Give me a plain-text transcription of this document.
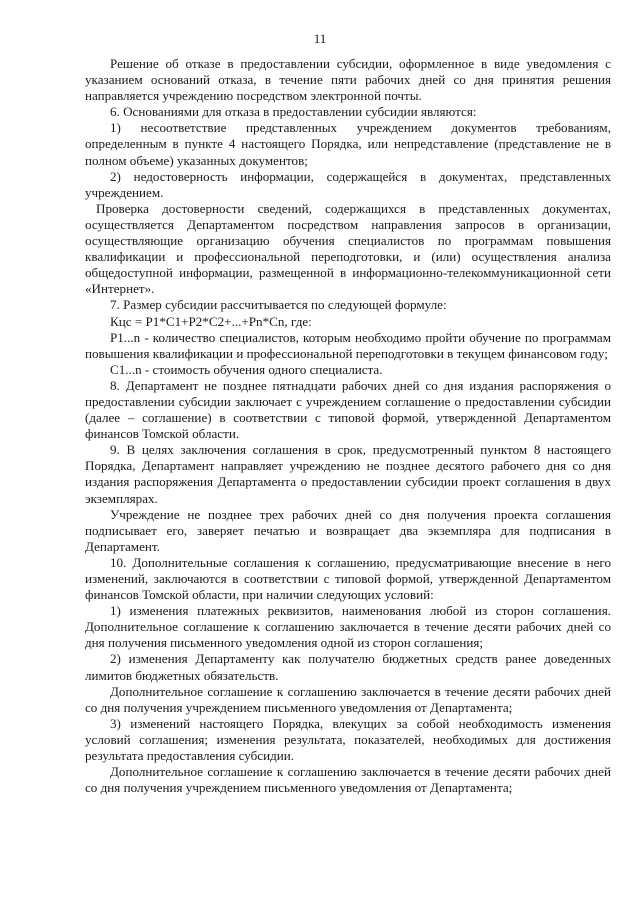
11

Решение об отказе в предоставлении субсидии, оформленное в виде уведомления с указанием оснований отказа, в течение пяти рабочих дней со дня принятия решения направляется учреждению посредством электронной почты.

6. Основаниями для отказа в предоставлении субсидии являются:

1) несоответствие представленных учреждением документов требованиям, определенным в пункте 4 настоящего Порядка, или непредставление (представление не в полном объеме) указанных документов;

2) недостоверность информации, содержащейся в документах, представленных учреждением.

Проверка достоверности сведений, содержащихся в представленных документах, осуществляется Департаментом посредством направления запросов в организации, осуществляющие организацию обучения специалистов по программам повышения квалификации и профессиональной переподготовки, и (или) осуществления анализа общедоступной информации, размещенной в информационно-телекоммуникационной сети «Интернет».

7. Размер субсидии рассчитывается по следующей формуле:

Кцс = P1*C1+P2*C2+...+Pn*Cn, где:

P1...n - количество специалистов, которым необходимо пройти обучение по программам повышения квалификации и профессиональной переподготовки в текущем финансовом году;

C1...n - стоимость обучения одного специалиста.

8. Департамент не позднее пятнадцати рабочих дней со дня издания распоряжения о предоставлении субсидии заключает с учреждением соглашение о предоставлении субсидии (далее – соглашение) в соответствии с типовой формой, утвержденной Департаментом финансов Томской области.

9. В целях заключения соглашения в срок, предусмотренный пунктом 8 настоящего Порядка, Департамент направляет учреждению не позднее десятого рабочего дня со дня издания распоряжения Департамента о предоставлении субсидии проект соглашения в двух экземплярах.

Учреждение не позднее трех рабочих дней со дня получения проекта соглашения подписывает его, заверяет печатью и возвращает два экземпляра для подписания в Департамент.

10. Дополнительные соглашения к соглашению, предусматривающие внесение в него изменений, заключаются в соответствии с типовой формой, утвержденной Департаментом финансов Томской области, при наличии следующих условий:

1) изменения платежных реквизитов, наименования любой из сторон соглашения. Дополнительное соглашение к соглашению заключается в течение десяти рабочих дней со дня получения письменного уведомления одной из сторон соглашения;

2) изменения Департаменту как получателю бюджетных средств ранее доведенных лимитов бюджетных обязательств.

Дополнительное соглашение к соглашению заключается в течение десяти рабочих дней со дня получения учреждением письменного уведомления от Департамента;

3) изменений настоящего Порядка, влекущих за собой необходимость изменения условий соглашения; изменения результата, показателей, необходимых для достижения результата предоставления субсидии.

Дополнительное соглашение к соглашению заключается в течение десяти рабочих дней со дня получения учреждением письменного уведомления от Департамента;
